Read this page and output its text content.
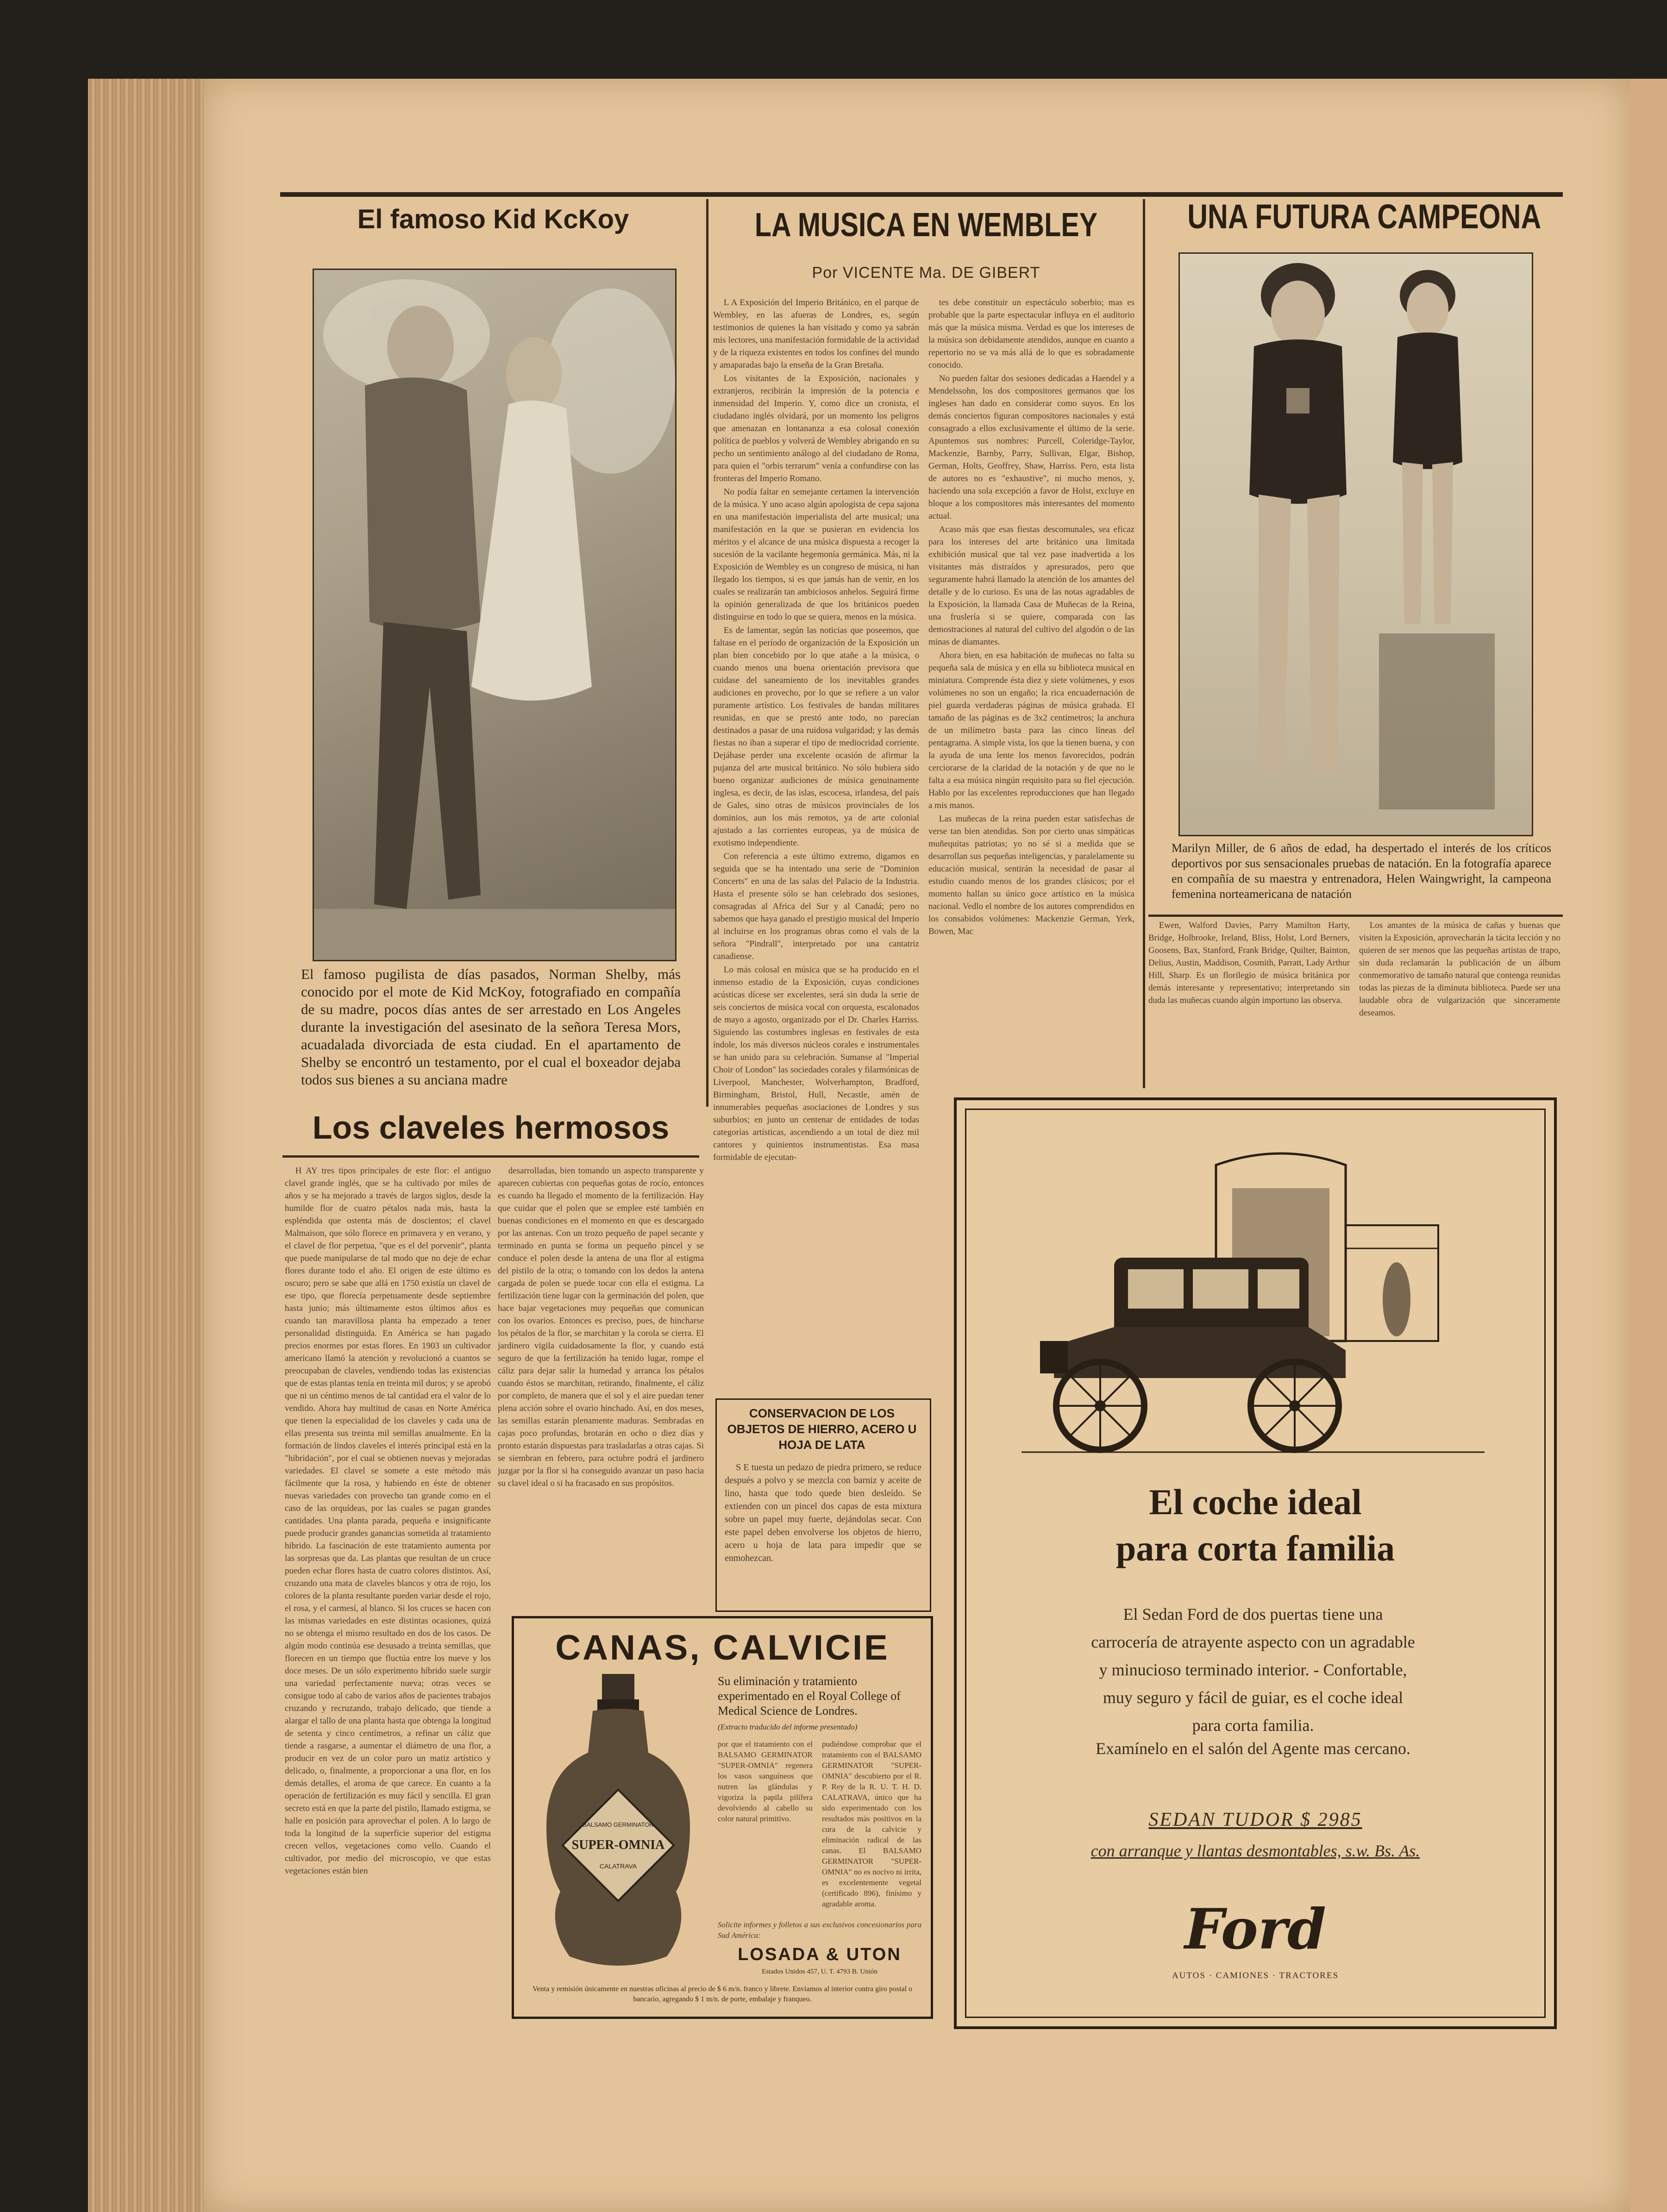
El famoso Kid KcKoy
El famoso pugilista de días pasados, Norman Shelby, más conocido por el mote de Kid McKoy, fotografiado en compañía de su madre, pocos días antes de ser arrestado en Los Angeles durante la investigación del asesinato de la señora Teresa Mors, acuadalada divorciada de esta ciudad. En el apartamento de Shelby se encontró un testamento, por el cual el boxeador dejaba todos sus bienes a su anciana madre
LA MUSICA EN WEMBLEY
Por VICENTE Ma. DE GIBERT

L A Exposición del Imperio Británico, en el parque de Wembley, en las afueras de Londres, es, según testimonios de quienes la han visitado y como ya sabrán mis lectores, una manifestación formidable de la actividad y de la riqueza existentes en todos los confines del mundo y amaparadas bajo la enseña de la Gran Bretaña.

Los visitantes de la Exposición, nacionales y extranjeros, recibirán la impresión de la potencia e inmensidad del Imperio. Y, como dice un cronista, el ciudadano inglés olvidará, por un momento los peligros que amenazan en lontananza a esa colosal conexión política de pueblos y volverá de Wembley abrigando en su pecho un sentimiento análogo al del ciudadano de Roma, para quien el "orbis terrarum" venía a confundirse con las fronteras del Imperio Romano.

No podía faltar en semejante certamen la intervención de la música. Y uno acaso algún apologista de cepa sajona en una manifestación imperialista del arte musical; una manifestación en la que se pusieran en evidencia los méritos y el alcance de una música dispuesta a recoger la sucesión de la vacilante hegemonía germánica. Más, ni la Exposición de Wembley es un congreso de música, ni han llegado los tiempos, si es que jamás han de venir, en los cuales se realizarán tan ambiciosos anhelos. Seguirá firme la opinión generalizada de que los británicos pueden distinguirse en todo lo que se quiera, menos en la música.

Es de lamentar, según las noticias que poseemos, que faltase en el período de organización de la Exposición un plan bien concebido por lo que atañe a la música, o cuando menos una buena orientación previsora que cuidase del saneamiento de los inevitables grandes audiciones en provecho, por lo que se refiere a un valor puramente artístico. Los festivales de bandas militares reunidas, en que se prestó ante todo, no parecían destinados a pasar de una ruidosa vulgaridad; y las demás fiestas no iban a superar el tipo de mediocridad corriente. Dejábase perder una excelente ocasión de afirmar la pujanza del arte musical británico. No sólo hubiera sido bueno organizar audiciones de música genuinamente inglesa, es decir, de las islas, escocesa, irlandesa, del país de Gales, sino otras de músicos provinciales de los dominios, aun los más remotos, ya de arte colonial ajustado a las corrientes europeas, ya de música de exotismo independiente.

Con referencia a este último extremo, digamos en seguida que se ha intentado una serie de "Dominion Concerts" en una de las salas del Palacio de la Industria. Hasta el presente sólo se han celebrado dos sesiones, consagradas al Africa del Sur y al Canadá; pero no sabemos que haya ganado el prestigio musical del Imperio al incluirse en los programas obras como el vals de la señora "Pindrall", interpretado por una cantatriz canadiense.

Lo más colosal en música que se ha producido en el inmenso estadio de la Exposición, cuyas condiciones acústicas dícese ser excelentes, será sin duda la serie de seis conciertos de música vocal con orquesta, escalonados de mayo a agosto, organizado por el Dr. Charles Harriss. Siguiendo las costumbres inglesas en festivales de esta índole, los más diversos núcleos corales e instrumentales se han unido para su celebración. Sumanse al "Imperial Choir of London" las sociedades corales y filarmónicas de Liverpool, Manchester, Wolverhampton, Bradford, Birmingham, Bristol, Hull, Necastle, amén de innumerables pequeñas asociaciones de Londres y sus suburbios; en junto un centenar de entidades de todas categorías artísticas, ascendiendo a un total de diez mil cantores y quinientos instrumentistas. Esa masa formidable de ejecutan-

tes debe constituir un espectáculo soberbio; mas es probable que la parte espectacular influya en el auditorio más que la música misma. Verdad es que los intereses de la música son debidamente atendidos, aunque en cuanto a repertorio no se va más allá de lo que es sobradamente conocido.

No pueden faltar dos sesiones dedicadas a Haendel y a Mendelssohn, los dos compositores germanos que los ingleses han dado en considerar como suyos. En los demás conciertos figuran compositores nacionales y está consagrado a ellos exclusivamente el último de la serie. Apuntemos sus nombres: Purcell, Coleridge-Taylor, Mackenzie, Barnby, Parry, Sullivan, Elgar, Bishop, German, Holts, Geoffrey, Shaw, Harriss. Pero, esta lista de autores no es "exhaustive", ni mucho menos, y, haciendo una sola excepción a favor de Holst, excluye en bloque a los compositores más interesantes del momento actual.

Acaso más que esas fiestas descomunales, sea eficaz para los intereses del arte británico una limitada exhibición musical que tal vez pase inadvertida a los visitantes más distraídos y apresurados, pero que seguramente habrá llamado la atención de los amantes del detalle y de lo curioso. Es una de las notas agradables de la Exposición, la llamada Casa de Muñecas de la Reina, una fruslería si se quiere, comparada con las demostraciones al natural del cultivo del algodón o de las minas de diamantes.

Ahora bien, en esa habitación de muñecas no falta su pequeña sala de música y en ella su biblioteca musical en miniatura. Comprende ésta diez y siete volúmenes, y esos volúmenes no son un engaño; la rica encuadernación de piel guarda verdaderas páginas de música grabada. El tamaño de las páginas es de 3x2 centímetros; la anchura de un milímetro basta para las cinco líneas del pentagrama. A simple vista, los que la tienen buena, y con la ayuda de una lente los menos favorecidos, podrán cerciorarse de la claridad de la notación y de que no le falta a esa música ningún requisito para su fiel ejecución. Hablo por las excelentes reproducciones que han llegado a mis manos.

Las muñecas de la reina pueden estar satisfechas de verse tan bien atendidas. Son por cierto unas simpáticas muñequitas patriotas; yo no sé si a medida que se desarrollan sus pequeñas inteligencias, y paralelamente su educación musical, sentirán la necesidad de pasar al estudio cuando menos de los grandes clásicos; por el momento hallan su único goce artístico en la música nacional. Vedlo el nombre de los autores comprendidos en los consabidos volúmenes: Mackenzie German, Yerk, Bowen, Mac

Ewen, Walford Davies, Parry Mamilton Harty, Bridge, Holbrooke, Ireland, Bliss, Holst, Lord Berners, Goosens, Bax, Stanford, Frank Bridge, Quilter, Bainton, Delius, Austin, Maddison, Cosmith, Parratt, Lady Arthur Hill, Sharp. Es un florilegio de música británica por demás interesante y representativo; interpretando sin duda las muñecas cuando algún importuno las observa.

Los amantes de la música de cañas y buenas que visiten la Exposición, aprovecharán la tácita lección y no quieren de ser menos que las pequeñas artistas de trapo, sin duda reclamarán la publicación de un álbum conmemorativo de tamaño natural que contenga reunidas todas las piezas de la diminuta biblioteca. Puede ser una laudable obra de vulgarización que sinceramente deseamos.

UNA FUTURA CAMPEONA
Marilyn Miller, de 6 años de edad, ha despertado el interés de los críticos deportivos por sus sensacionales pruebas de natación. En la fotografía aparece en compañía de su maestra y entrenadora, Helen Waingwright, la campeona femenina norteamericana de natación
Los claveles hermosos

H AY tres tipos principales de este flor: el antiguo clavel grande inglés, que se ha cultivado por miles de años y se ha mejorado a través de largos siglos, desde la humilde flor de cuatro pétalos nada más, hasta la espléndida que ostenta más de doscientos; el clavel Malmaison, que sólo florece en primavera y en verano, y el clavel de flor perpetua, "que es el del porvenir", planta que puede manipularse de tal modo que no deje de echar flores durante todo el año. El origen de este último es oscuro; pero se sabe que allá en 1750 existía un clavel de ese tipo, que florecía perpetuamente desde septiembre hasta junio; más últimamente estos últimos años es cuando tan maravillosa planta ha empezado a tener personalidad distinguida. En América se han pagado precios enormes por estas flores. En 1903 un cultivador americano llamó la atención y revolucionó a cuantos se preocupaban de claveles, vendiendo todas las existencias que de estas plantas tenía en treinta mil duros; y se aprobó que ni un céntimo menos de tal cantidad era el valor de lo vendido. Ahora hay multitud de casas en Norte América que tienen la especialidad de los claveles y cada una de ellas presenta sus treinta mil semillas anualmente. En la formación de lindos claveles el interés principal está en la "hibridación", por el cual se obtienen nuevas y mejoradas variedades. El clavel se somete a este método más fácilmente que la rosa, y habiendo en éste de obtener nuevas variedades con provecho tan grande como en el caso de las orquídeas, por las cuales se pagan grandes cantidades. Una planta parada, pequeña e insignificante puede producir grandes ganancias sometida al tratamiento híbrido. La fascinación de este tratamiento aumenta por las sorpresas que da. Las plantas que resultan de un cruce pueden echar flores hasta de cuatro colores distintos. Así, cruzando una mata de claveles blancos y otra de rojo, los colores de la planta resultante pueden variar desde el rojo, el rosa, y el carmesí, al blanco. Si los cruces se hacen con las mismas variedades en este distintas ocasiones, quizá no se obtenga el mismo resultado en dos de los casos. De algún modo continúa ese desusado a treinta semillas, que florecen en un tiempo que fluctúa entre los nueve y los doce meses. De un sólo experimento híbrido suele surgir una variedad perfectamente nueva; otras veces se consigue todo al cabo de varios años de pacientes trabajos cruzando y recruzando, trabajo delicado, que tiende a alargar el tallo de una planta hasta que obtenga la longitud de setenta y cinco centímetros, a refinar un cáliz que tiende a rasgarse, a aumentar el diámetro de una flor, a producir en vez de un color puro un matiz artístico y delicado, o, finalmente, a proporcionar a una flor, en los demás detalles, el aroma de que carece. En cuanto a la operación de fertilización es muy fácil y sencilla. El gran secreto está en que la parte del pistilo, llamado estigma, se halle en posición para aprovechar el polen. A lo largo de toda la longitud de la superficie superior del estigma crecen vellos, vegetaciones como vello. Cuando el cultivador, por medio del microscopio, ve que estas vegetaciones están bien

desarrolladas, bien tomando un aspecto transparente y aparecen cubiertas con pequeñas gotas de rocío, entonces es cuando ha llegado el momento de la fertilización. Hay que cuidar que el polen que se emplee esté también en buenas condiciones en el momento en que es descargado por las antenas. Con un trozo pequeño de papel secante y terminado en punta se forma un pequeño pincel y se conduce el polen desde la antena de una flor al estigma del pistilo de la otra; o tomando con los dedos la antena cargada de polen se puede tocar con ella el estigma. La fertilización tiene lugar con la germinación del polen, que hace bajar vegetaciones muy pequeñas que comunican con los ovarios. Entonces es preciso, pues, de hincharse los pétalos de la flor, se marchitan y la corola se cierra. El jardinero vigila cuidadosamente la flor, y cuando está seguro de que la fertilización ha tenido lugar, rompe el cáliz para dejar salir la humedad y arranca los pétalos cuando éstos se marchitan, retirando, finalmente, el cáliz por completo, de manera que el sol y el aire puedan tener plena acción sobre el ovario hinchado. Así, en dos meses, las semillas estarán plenamente maduras. Sembradas en cajas poco profundas, brotarán en ocho o diez días y pronto estarán dispuestas para trasladarlas a otras cajas. Si se siembran en febrero, para octubre podrá el jardinero juzgar por la flor si ha conseguido avanzar un paso hacia su clavel ideal o si ha fracasado en sus propósitos.

CONSERVACION DE LOS OBJETOS DE HIERRO, ACERO U HOJA DE LATA

S E tuesta un pedazo de piedra primero, se reduce después a polvo y se mezcla con barniz y aceite de lino, hasta que todo quede bien desleído. Se extienden con un pincel dos capas de esta mixtura sobre un papel muy fuerte, dejándolas secar. Con este papel deben envolverse los objetos de hierro, acero u hoja de lata para impedir que se enmohezcan.

CANAS, CALVICIE
Su eliminación y tratamiento experimentado en el Royal College of Medical Science de Londres.
(Extracto traducido del informe presentado)
BALSAMO GERMINATOR
SUPER-OMNIA
CALATRAVA
por que el tratamiento con el BALSAMO GERMINATOR "SUPER-OMNIA" regenera los vasos sanguíneos que nutren las glándulas y vigoriza la papila pilífera devolviendo al cabello su color natural primitivo.
pudiéndose comprobar que el tratamiento con el BALSAMO GERMINATOR "SUPER-OMNIA" descubierto por el R. P. Rey de la R. U. T. H. D. CALATRAVA, único que ha sido experimentado con los resultados más positivos en la cura de la calvicie y eliminación radical de las canas. El BALSAMO GERMINATOR "SUPER-OMNIA" no es nocivo ni irrita, es excelentemente vegetal (certificado 896), finísimo y agradable aroma.
Solicite informes y folletos a sus exclusivos concesionarios para Sud América:
LOSADA & UTON
Estados Unidos 457, U. T. 4793 B. Unión
Venta y remisión únicamente en nuestras oficinas al precio de $ 6 m/n. franco y librete. Enviamos al interior contra giro postal o bancario, agregando $ 1 m/n. de porte, embalaje y franqueo.
El coche ideal
para corta familia
El Sedan Ford de dos puertas tiene una carrocería de atrayente aspecto con un agradable y minucioso terminado interior. - Confortable, muy seguro y fácil de guiar, es el coche ideal para corta familia.
Examínelo en el salón del Agente mas cercano.
SEDAN TUDOR $ 2985
con arranque y llantas desmontables, s.w. Bs. As.
Ford
AUTOS · CAMIONES · TRACTORES
